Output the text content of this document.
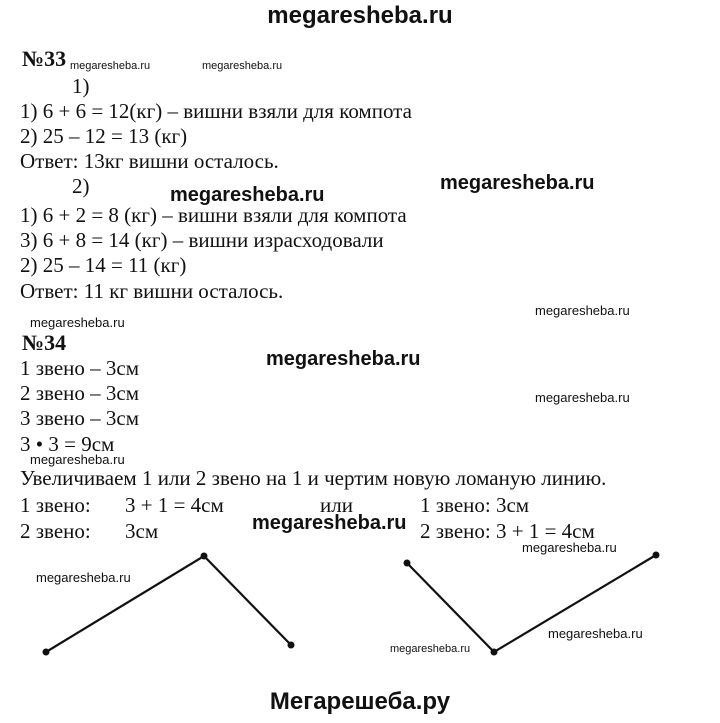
megaresheba.ru
№33 megaresheba.ru	megaresheba.ru
1)
1) 6 + 6 = 12(кг) – вишни взяли для компота
2) 25 – 12 = 13 (кг)
Ответ: 13кг вишни осталось.
2)	megaresheba.ru
megaresheba.ru
1) 6 + 2 = 8 (кг) – вишни взяли для компота
3) 6 + 8 = 14 (кг) – вишни израсходовали
2) 25 – 14 = 11 (кг)
Ответ: 11 кг вишни осталось.
megaresheba.ru
megaresheba.ru
№34
megaresheba.ru
1 звено – 3см
2 звено – 3см	megaresheba.ru
3 звено – 3см
3 • 3 = 9см
megaresheba.ru
Увеличиваем 1 или 2 звено на 1 и чертим новую ломаную линию.
1 звено: 3 + 1 = 4см	или	1 звено: 3см
megaresheba.ru
2 звено: 3см	2 звено: 3 + 1 = 4см
megaresheba.ru
megaresheba.ru
megaresheba.ru
megaresheba.ru
Мегарешеба.ру
